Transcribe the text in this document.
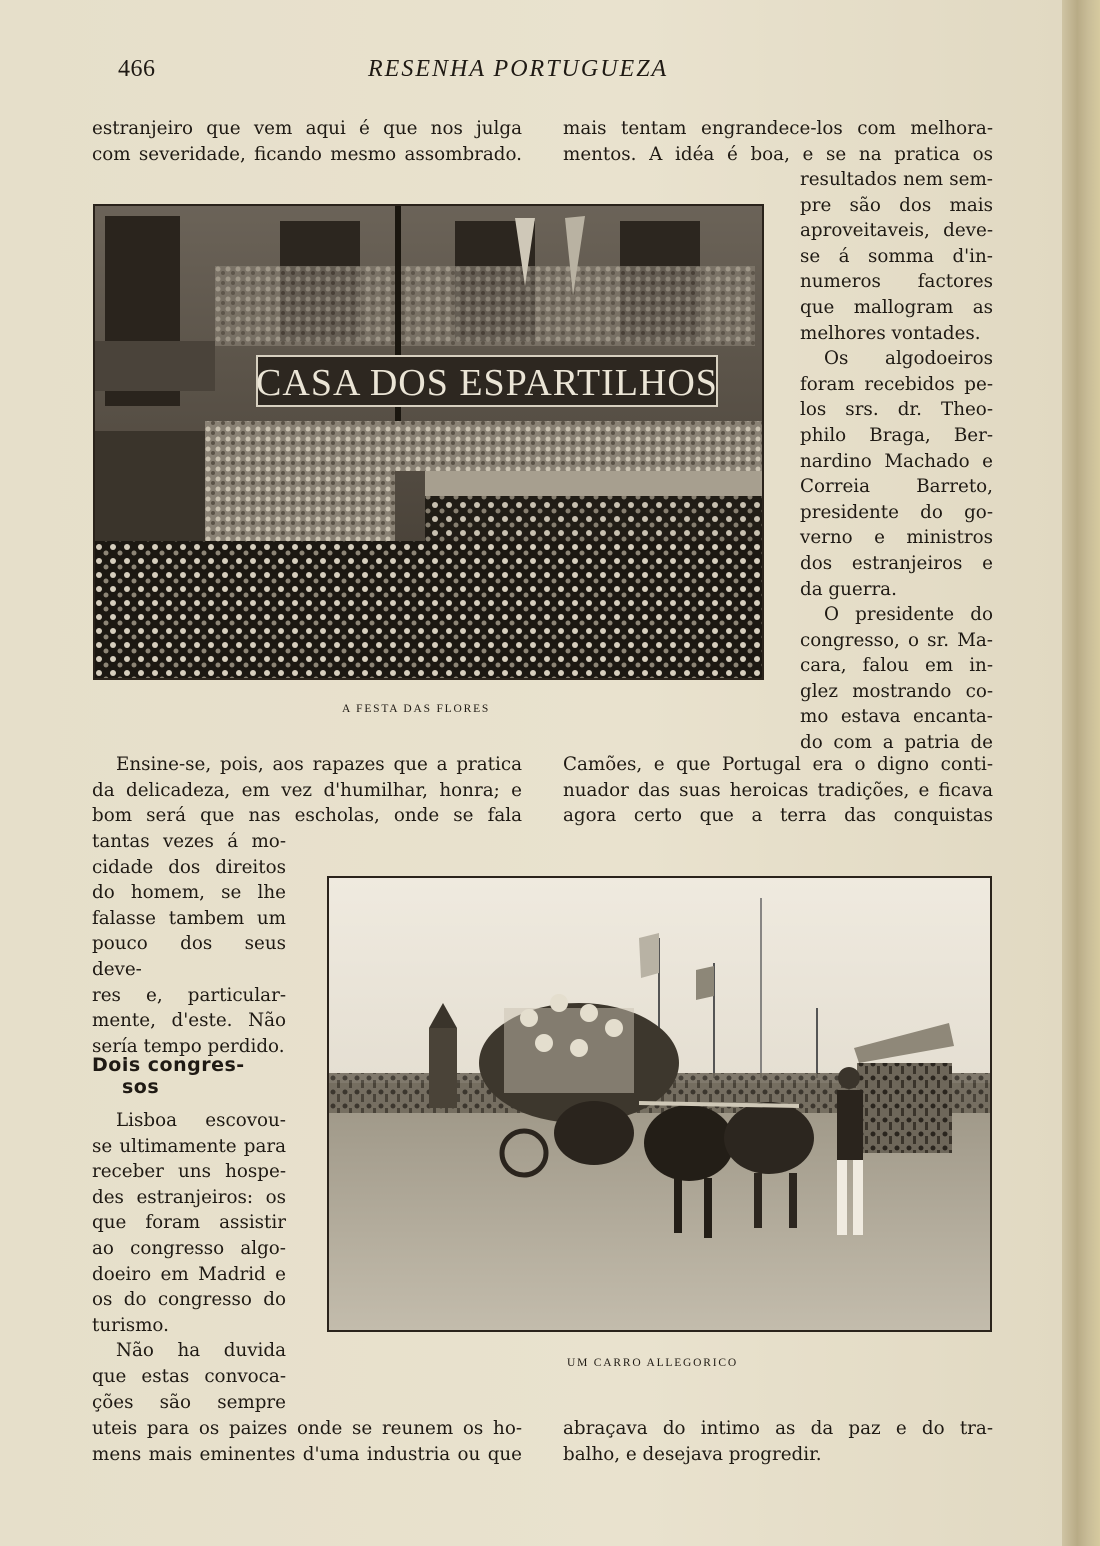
466	RESENHA PORTUGUEZA
estranjeiro que vem aqui é que nos julga
com severidade, ficando mesmo assombrado.
mais tentam engrandece-los com melhora-
mentos. A idéa é boa, e se na pratica os
CASA DOS ESPARTILHOS
A FESTA DAS FLORES
resultados nem sem-
pre são dos mais
aproveitaveis, deve-
se á somma d'in-
numeros factores
que mallogram as
melhores vontades.
Os algodoeiros
foram recebidos pe-
los srs. dr. Theo-
philo Braga, Ber-
nardino Machado e
Correia Barreto,
presidente do go-
verno e ministros
dos estranjeiros e
da guerra.
O presidente do
congresso, o sr. Ma-
cara, falou em in-
glez mostrando co-
mo estava encanta-
do com a patria de
Camões, e que Portugal era o digno conti-
nuador das suas heroicas tradições, e ficava
agora certo que a terra das conquistas
Ensine-se, pois, aos rapazes que a pratica
da delicadeza, em vez d'humilhar, honra; e
bom será que nas escholas, onde se fala
tantas vezes á mo-
cidade dos direitos
do homem, se lhe
falasse tambem um
pouco dos seus deve-
res e, particular-
mente, d'este. Não
sería tempo perdido.
Dois congres-
sos
Lisboa escovou-
se ultimamente para
receber uns hospe-
des estranjeiros: os
que foram assistir
ao congresso algo-
doeiro em Madrid e
os do congresso do
turismo.
Não ha duvida
que estas convoca-
ções são sempre
UM CARRO ALLEGORICO
uteis para os paizes onde se reunem os ho-
mens mais eminentes d'uma industria ou que
abraçava do intimo as da paz e do tra-
balho, e desejava progredir.
